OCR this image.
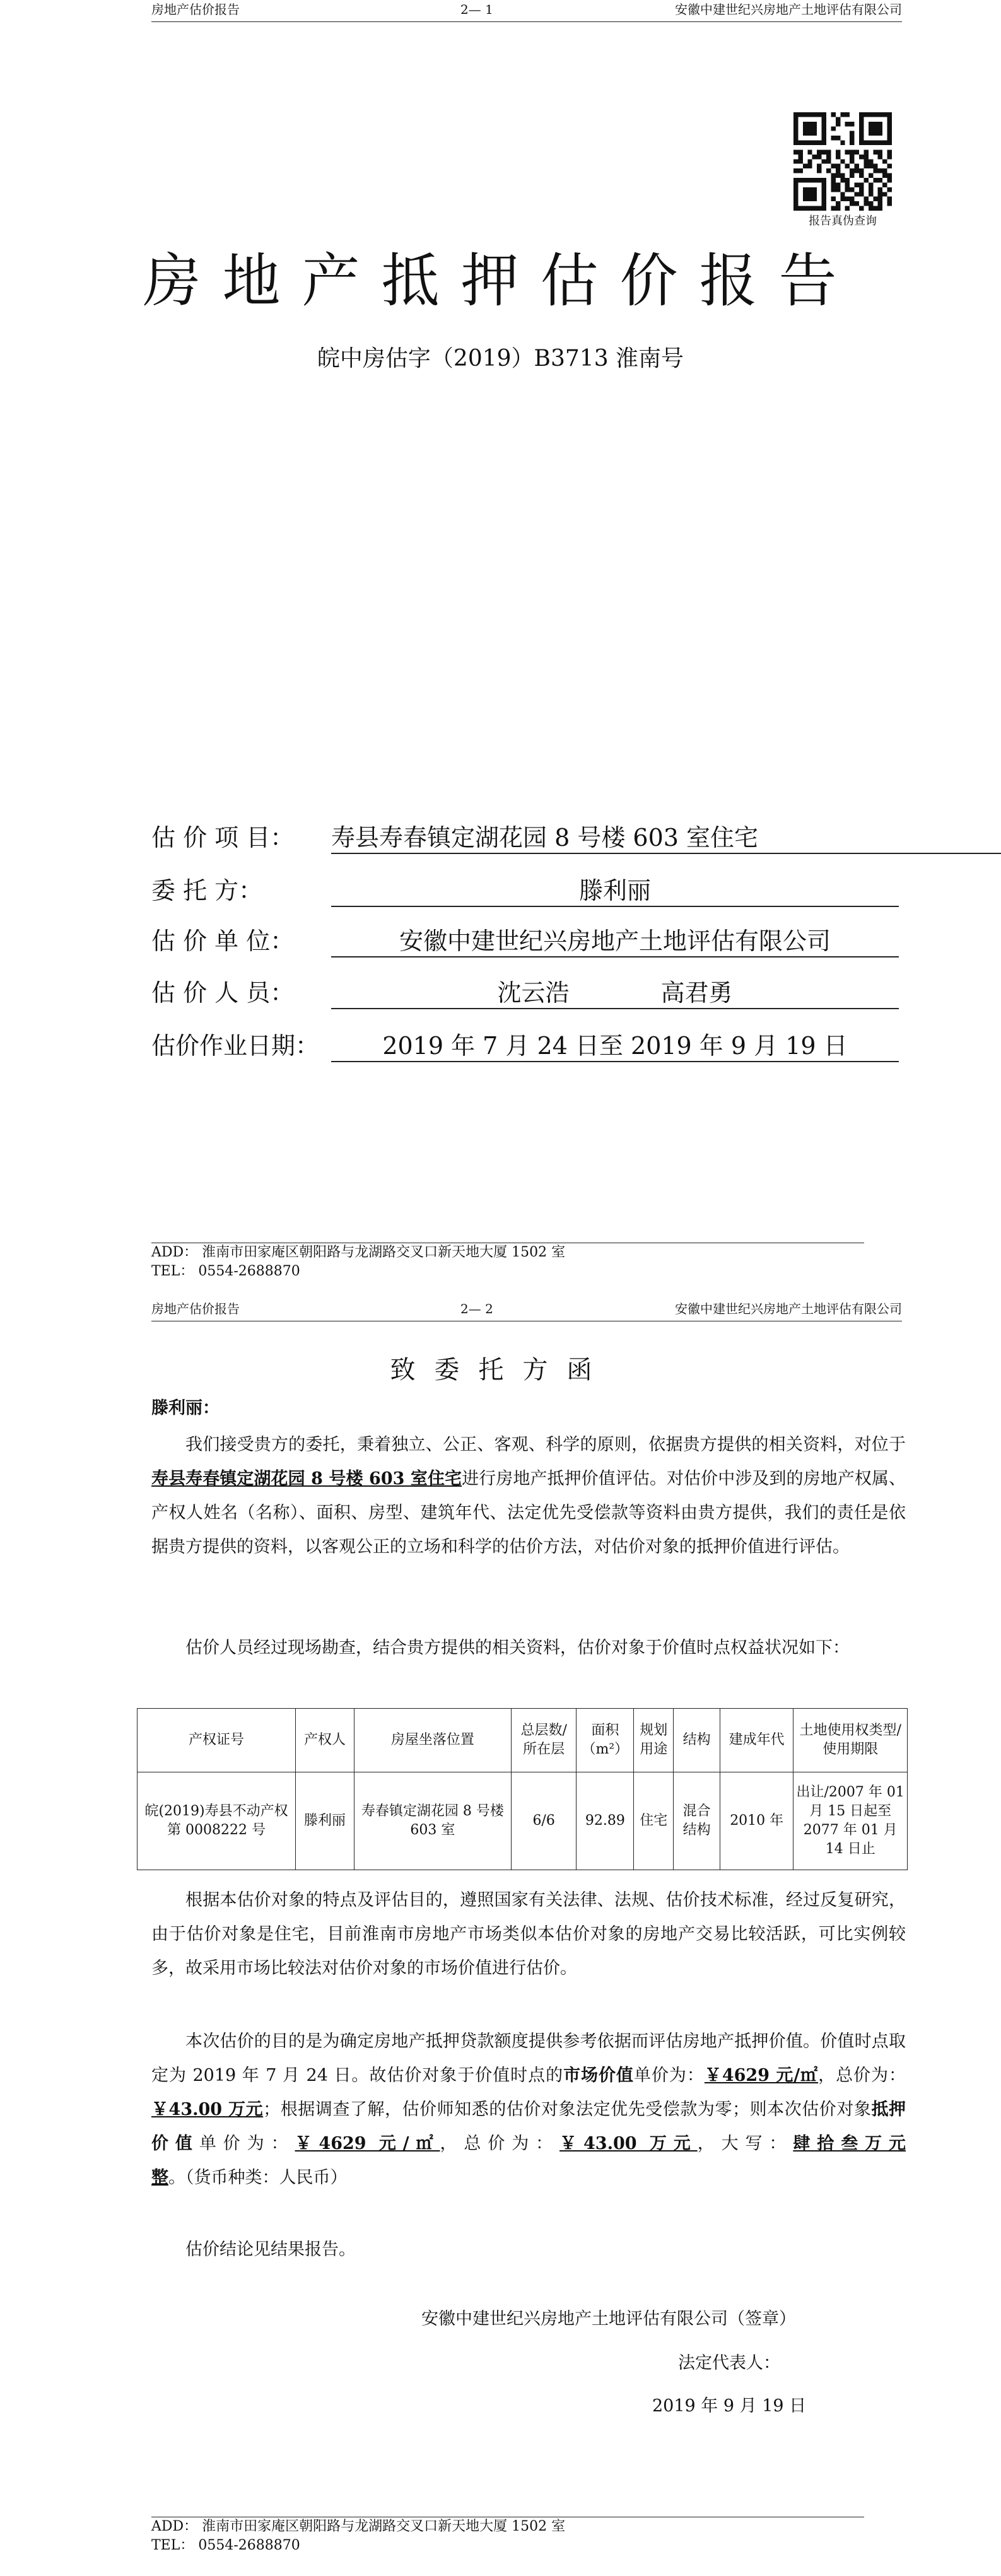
房地产估价报告	2— 1	安徽中建世纪兴房地产土地评估有限公司
报告真伪查询
房地产抵押估价报告
皖中房估字（2019）B3713 淮南号
估 价 项 目：	寿县寿春镇定湖花园 8 号楼 603 室住宅
委 托 方：	滕利丽
估 价 单 位：	安徽中建世纪兴房地产土地评估有限公司
估 价 人 员：	沈云浩            高君勇
估价作业日期：	2019 年 7 月 24 日至 2019 年 9 月 19 日
ADD： 淮南市田家庵区朝阳路与龙湖路交叉口新天地大厦 1502 室
TEL： 0554-2688870
房地产估价报告	2— 2	安徽中建世纪兴房地产土地评估有限公司
致委托方函
滕利丽：
我们接受贵方的委托，秉着独立、公正、客观、科学的原则，依据贵方提供的相关资料，对位于寿县寿春镇定湖花园 8 号楼 603 室住宅进行房地产抵押价值评估。对估价中涉及到的房地产权属、产权人姓名（名称）、面积、房型、建筑年代、法定优先受偿款等资料由贵方提供，我们的责任是依据贵方提供的资料，以客观公正的立场和科学的估价方法，对估价对象的抵押价值进行评估。
估价人员经过现场勘查，结合贵方提供的相关资料，估价对象于价值时点权益状况如下：
产权证号	产权人	房屋坐落位置	总层数/所在层	面积（m²）	规划用途	结构	建成年代	土地使用权类型/使用期限
皖(2019)寿县不动产权第 0008222 号	滕利丽	寿春镇定湖花园 8 号楼 603 室	6/6	92.89	住宅	混合结构	2010 年	出让/2007 年 01 月 15 日起至 2077 年 01 月 14 日止
根据本估价对象的特点及评估目的，遵照国家有关法律、法规、估价技术标准，经过反复研究，由于估价对象是住宅，目前淮南市房地产市场类似本估价对象的房地产交易比较活跃，可比实例较多，故采用市场比较法对估价对象的市场价值进行估价。
本次估价的目的是为确定房地产抵押贷款额度提供参考依据而评估房地产抵押价值。价值时点取定为 2019 年 7 月 24 日。故估价对象于价值时点的市场价值单价为：￥4629 元/㎡，总价为：￥43.00 万元；根据调查了解，估价师知悉的估价对象法定优先受偿款为零；则本次估价对象抵押价值单价为：￥4629 元/㎡，总价为：￥43.00 万元，大写：肆拾叁万元整。（货币种类：人民币）
估价结论见结果报告。
安徽中建世纪兴房地产土地评估有限公司（签章）
法定代表人：
2019 年 9 月 19 日
ADD： 淮南市田家庵区朝阳路与龙湖路交叉口新天地大厦 1502 室
TEL： 0554-2688870
